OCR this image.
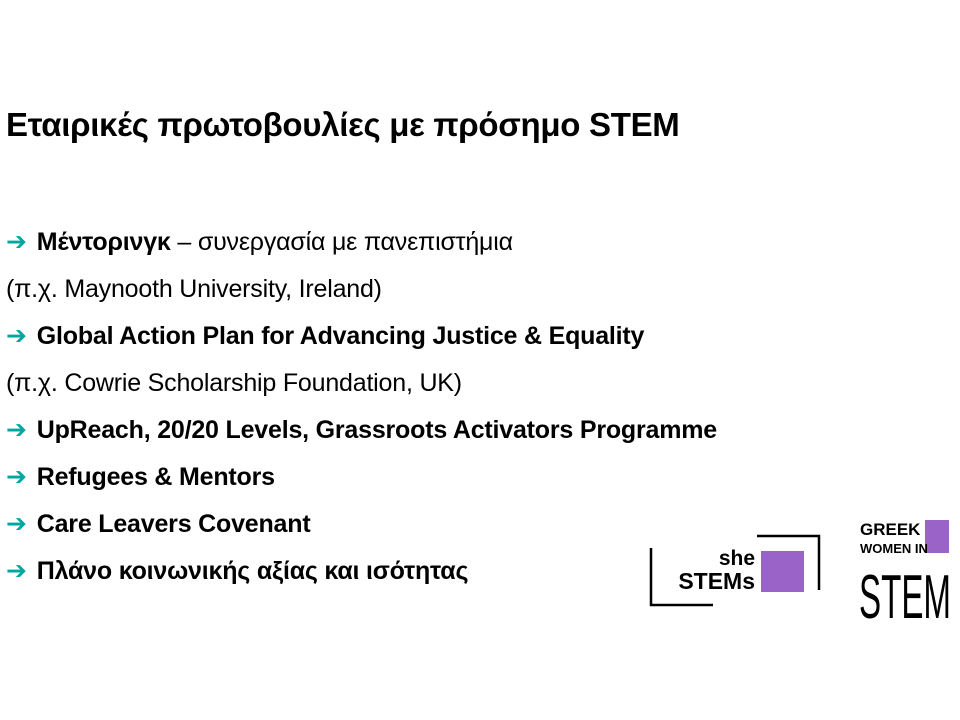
Εταιρικές πρωτοβουλίες με πρόσημο STEM
➔ Μέντορινγκ – συνεργασία με πανεπιστήμια
(π.χ. Maynooth University, Ireland)
➔ Global Action Plan for Advancing Justice & Equality
(π.χ. Cowrie Scholarship Foundation, UK)
➔ UpReach, 20/20 Levels, Grassroots Activators Programme
➔ Refugees & Mentors
➔ Care Leavers Covenant
➔ Πλάνο κοινωνικής αξίας και ισότητας	she
STEMs
GREEK
WOMEN IN
STEM
